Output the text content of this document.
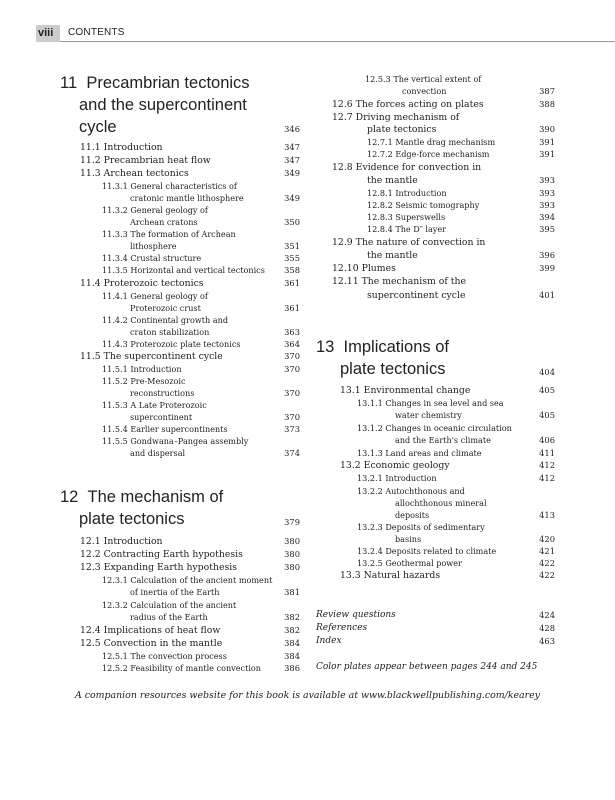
viii CONTENTS
11 Precambrian tectonics
and the supercontinent
cycle	346
11.1 Introduction	347
11.2 Precambrian heat flow	347
11.3 Archean tectonics	349
11.3.1 General characteristics of
cratonic mantle lithosphere	349
11.3.2 General geology of
Archean cratons	350
11.3.3 The formation of Archean
lithosphere	351
11.3.4 Crustal structure	355
11.3.5 Horizontal and vertical tectonics 358
11.4 Proterozoic tectonics	361
11.4.1 General geology of
Proterozoic crust	361
11.4.2 Continental growth and
craton stabilization	363
11.4.3 Proterozoic plate tectonics	364
11.5 The supercontinent cycle	370
11.5.1 Introduction	370
11.5.2 Pre-Mesozoic
reconstructions	370
11.5.3 A Late Proterozoic
supercontinent	370
11.5.4 Earlier supercontinents	373
11.5.5 Gondwana–Pangea assembly
and dispersal	374
12 The mechanism of
plate tectonics	379
12.1 Introduction	380
12.2 Contracting Earth hypothesis	380
12.3 Expanding Earth hypothesis	380
12.3.1 Calculation of the ancient moment
of inertia of the Earth	381
12.3.2 Calculation of the ancient
radius of the Earth	382
12.4 Implications of heat flow	382
12.5 Convection in the mantle	384
12.5.1 The convection process	384
12.5.2 Feasibility of mantle convection	386
12.5.3 The vertical extent of
convection	387
12.6 The forces acting on plates	388
12.7 Driving mechanism of
plate tectonics	390
12.7.1 Mantle drag mechanism	391
12.7.2 Edge-force mechanism	391
12.8 Evidence for convection in
the mantle	393
12.8.1 Introduction	393
12.8.2 Seismic tomography	393
12.8.3 Superswells	394
12.8.4 The D″ layer	395
12.9 The nature of convection in
the mantle	396
12.10 Plumes	399
12.11 The mechanism of the
supercontinent cycle	401
13 Implications of
plate tectonics	404
13.1 Environmental change	405
13.1.1 Changes in sea level and sea
water chemistry	405
13.1.2 Changes in oceanic circulation
and the Earth's climate	406
13.1.3 Land areas and climate	411
13.2 Economic geology	412
13.2.1 Introduction	412
13.2.2 Autochthonous and
allochthonous mineral
deposits	413
13.2.3 Deposits of sedimentary
basins	420
13.2.4 Deposits related to climate	421
13.2.5 Geothermal power	422
13.3 Natural hazards	422
Review questions	424
References	428
Index	463
Color plates appear between pages 244 and 245
A companion resources website for this book is available at www.blackwellpublishing.com/kearey
